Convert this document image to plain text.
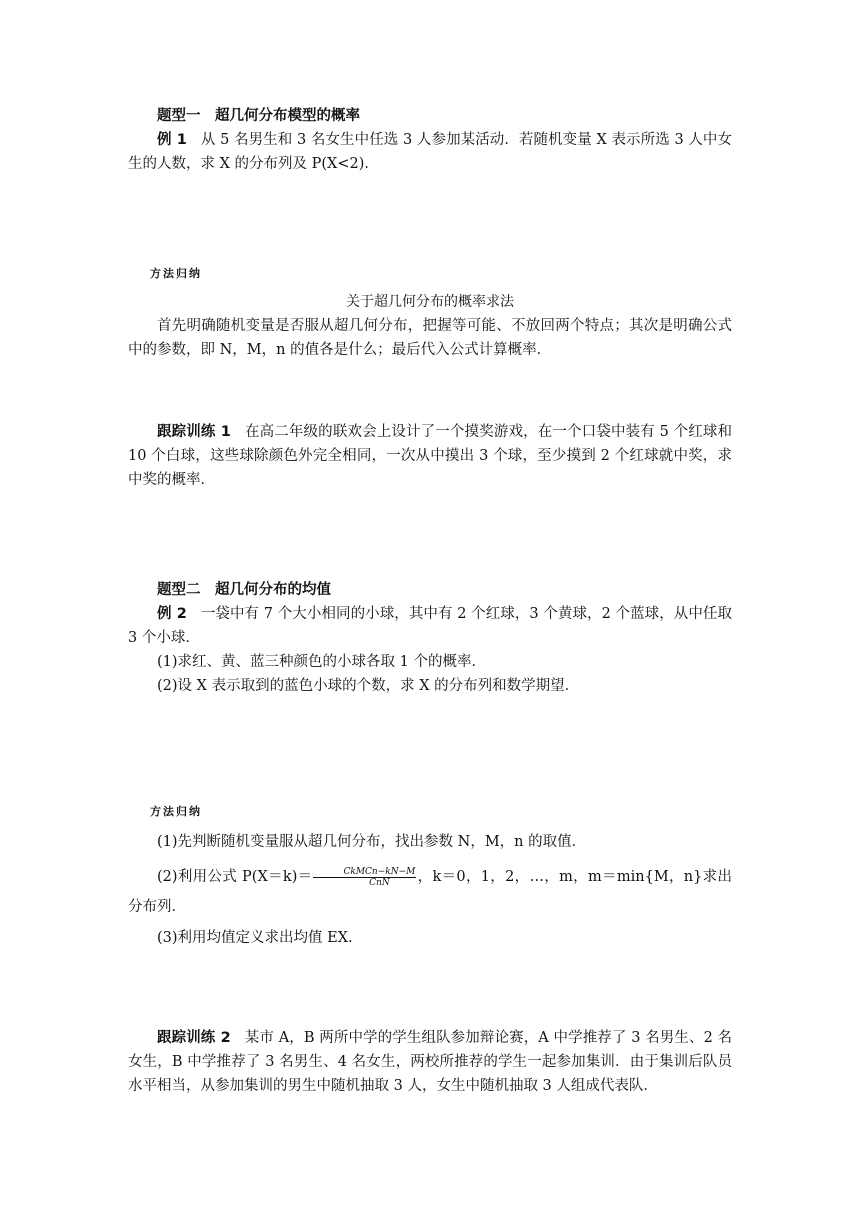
题型一　超几何分布模型的概率

例 1 从 5 名男生和 3 名女生中任选 3 人参加某活动．若随机变量 X 表示所选 3 人中女生的人数，求 X 的分布列及 P(X<2)．

方法归纳
关于超几何分布的概率求法

首先明确随机变量是否服从超几何分布，把握等可能、不放回两个特点；其次是明确公式中的参数，即 N，M，n 的值各是什么；最后代入公式计算概率．

跟踪训练 1 在高二年级的联欢会上设计了一个摸奖游戏，在一个口袋中装有 5 个红球和 10 个白球，这些球除颜色外完全相同，一次从中摸出 3 个球，至少摸到 2 个红球就中奖，求中奖的概率．

题型二　超几何分布的均值

例 2 一袋中有 7 个大小相同的小球，其中有 2 个红球，3 个黄球，2 个蓝球，从中任取 3 个小球．

(1)求红、黄、蓝三种颜色的小球各取 1 个的概率．

(2)设 X 表示取到的蓝色小球的个数，求 X 的分布列和数学期望．

方法归纳

(1)先判断随机变量服从超几何分布，找出参数 N，M，n 的取值．

(2)利用公式 $P(X=k)= \frac{\text{CkMCn−kN−M}}{\text{CnN}}$ ，k＝0，1，2，…，m，m＝min{M，n}求出分布列．

(3)利用均值定义求出均值 EX.

跟踪训练 2 某市 A，B 两所中学的学生组队参加辩论赛，A 中学推荐了 3 名男生、2 名女生，B 中学推荐了 3 名男生、4 名女生，两校所推荐的学生一起参加集训．由于集训后队员水平相当，从参加集训的男生中随机抽取 3 人，女生中随机抽取 3 人组成代表队．
